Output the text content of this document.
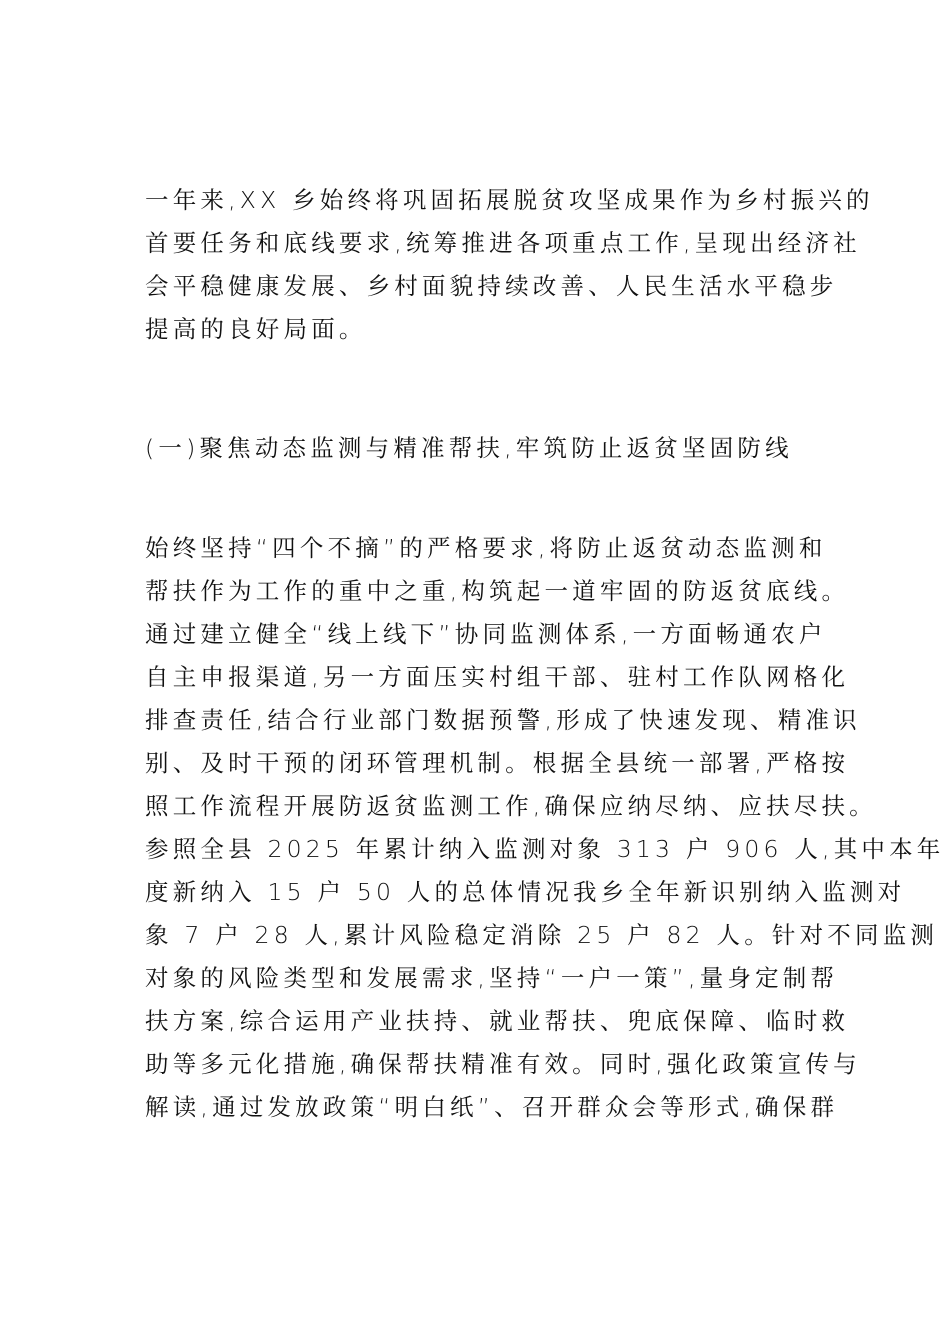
一年来,XX 乡始终将巩固拓展脱贫攻坚成果作为乡村振兴的
首要任务和底线要求,统筹推进各项重点工作,呈现出经济社
会平稳健康发展、乡村面貌持续改善、人民生活水平稳步
提高的良好局面。
(一)聚焦动态监测与精准帮扶,牢筑防止返贫坚固防线
始终坚持“四个不摘”的严格要求,将防止返贫动态监测和
帮扶作为工作的重中之重,构筑起一道牢固的防返贫底线。
通过建立健全“线上线下”协同监测体系,一方面畅通农户
自主申报渠道,另一方面压实村组干部、驻村工作队网格化
排查责任,结合行业部门数据预警,形成了快速发现、精准识
别、及时干预的闭环管理机制。根据全县统一部署,严格按
照工作流程开展防返贫监测工作,确保应纳尽纳、应扶尽扶。
参照全县 2025 年累计纳入监测对象 313 户 906 人,其中本年
度新纳入 15 户 50 人的总体情况我乡全年新识别纳入监测对
象 7 户 28 人,累计风险稳定消除 25 户 82 人。针对不同监测
对象的风险类型和发展需求,坚持“一户一策”,量身定制帮
扶方案,综合运用产业扶持、就业帮扶、兜底保障、临时救
助等多元化措施,确保帮扶精准有效。同时,强化政策宣传与
解读,通过发放政策“明白纸”、召开群众会等形式,确保群
